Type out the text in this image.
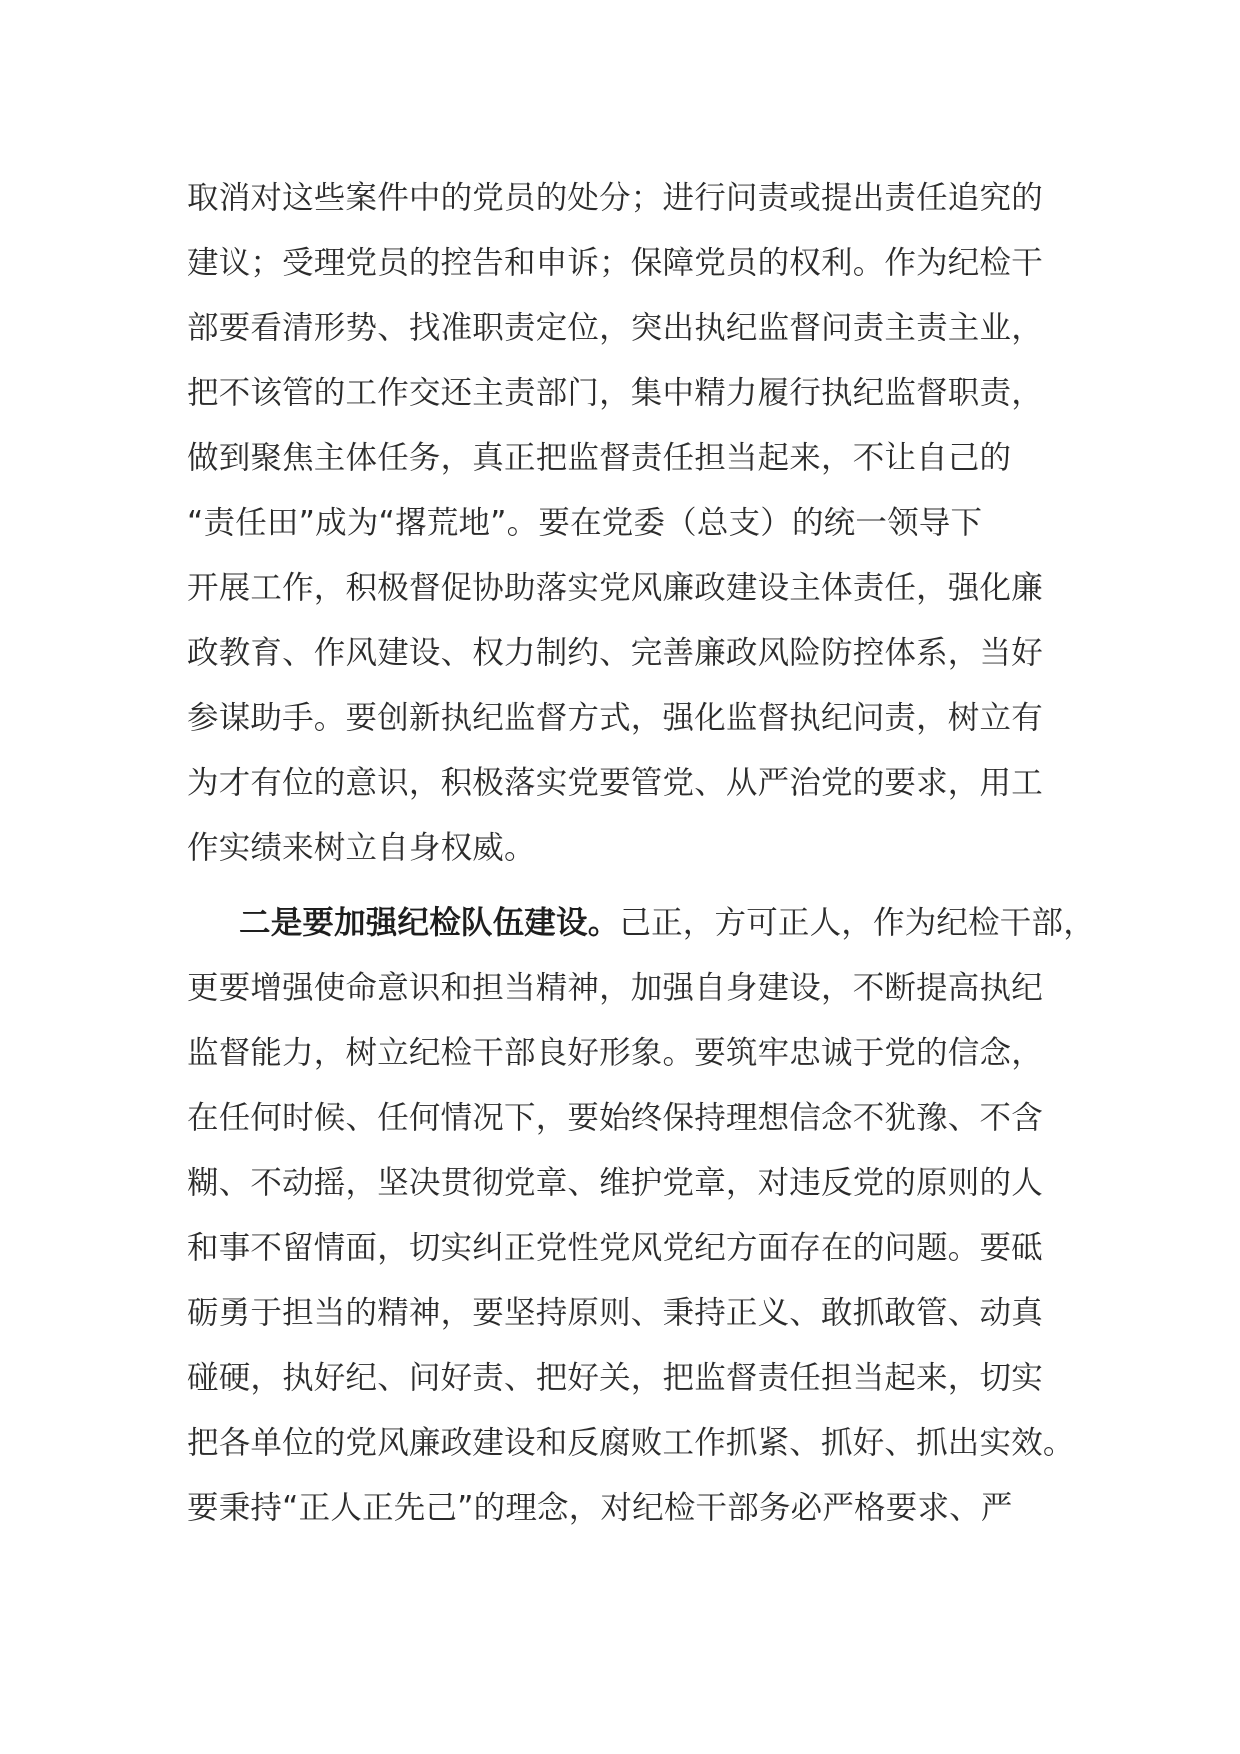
取消对这些案件中的党员的处分；进行问责或提出责任追究的
建议；受理党员的控告和申诉；保障党员的权利。作为纪检干
部要看清形势、找准职责定位，突出执纪监督问责主责主业，
把不该管的工作交还主责部门，集中精力履行执纪监督职责，
做到聚焦主体任务，真正把监督责任担当起来，不让自己的
“责任田”成为“撂荒地”。要在党委（总支）的统一领导下
开展工作，积极督促协助落实党风廉政建设主体责任，强化廉
政教育、作风建设、权力制约、完善廉政风险防控体系，当好
参谋助手。要创新执纪监督方式，强化监督执纪问责，树立有
为才有位的意识，积极落实党要管党、从严治党的要求，用工
作实绩来树立自身权威。
二是要加强纪检队伍建设。己正，方可正人，作为纪检干部，
更要增强使命意识和担当精神，加强自身建设，不断提高执纪
监督能力，树立纪检干部良好形象。要筑牢忠诚于党的信念，
在任何时候、任何情况下，要始终保持理想信念不犹豫、不含
糊、不动摇，坚决贯彻党章、维护党章，对违反党的原则的人
和事不留情面，切实纠正党性党风党纪方面存在的问题。要砥
砺勇于担当的精神，要坚持原则、秉持正义、敢抓敢管、动真
碰硬，执好纪、问好责、把好关，把监督责任担当起来，切实
把各单位的党风廉政建设和反腐败工作抓紧、抓好、抓出实效。
要秉持“正人正先己”的理念，对纪检干部务必严格要求、严
